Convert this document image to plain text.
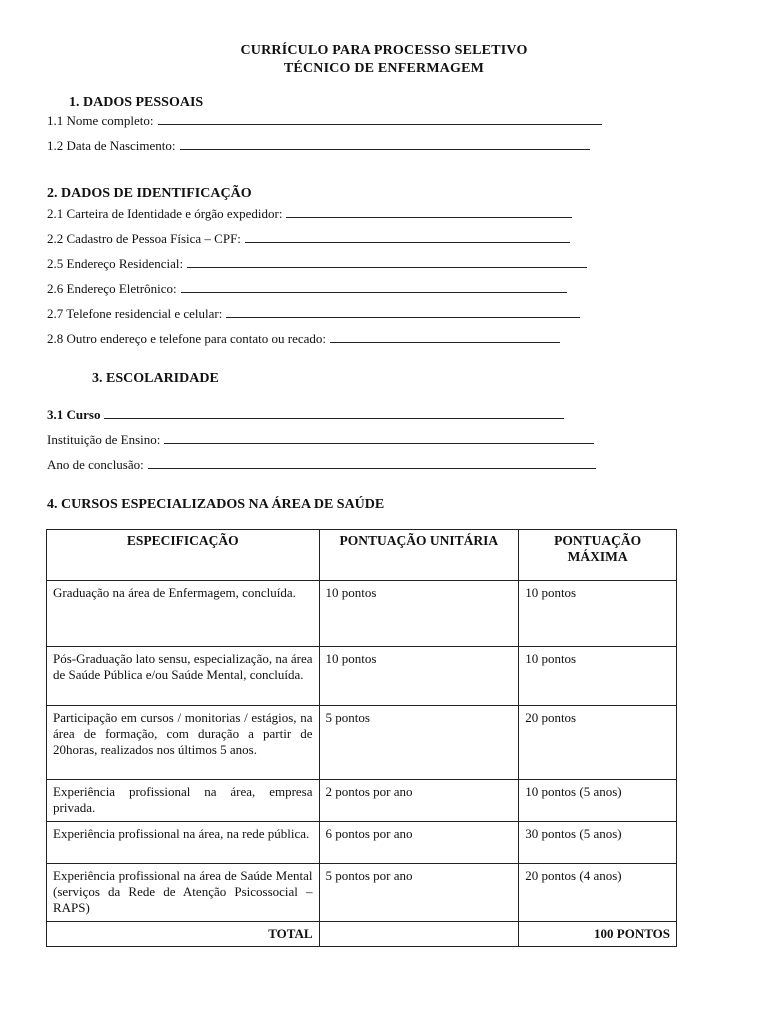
CURRÍCULO PARA PROCESSO SELETIVO
TÉCNICO DE ENFERMAGEM
1. DADOS PESSOAIS
1.1 Nome completo:
1.2 Data de Nascimento:
2. DADOS DE IDENTIFICAÇÃO
2.1 Carteira de Identidade e órgão expedidor:
2.2 Cadastro de Pessoa Física – CPF:
2.5 Endereço Residencial:
2.6 Endereço Eletrônico:
2.7 Telefone residencial e celular:
2.8 Outro endereço e telefone para contato ou recado:
3. ESCOLARIDADE
3.1 Curso
Instituição de Ensino:
Ano de conclusão:
4. CURSOS ESPECIALIZADOS NA ÁREA DE SAÚDE
ESPECIFICAÇÃO	PONTUAÇÃO UNITÁRIA	PONTUAÇÃO MÁXIMA
Graduação na área de Enfermagem, concluída.	10 pontos	10 pontos
Pós-Graduação lato sensu, especialização, na área de Saúde Pública e/ou Saúde Mental, concluída.	10 pontos	10 pontos
Participação em cursos / monitorias / estágios, na área de formação, com duração a partir de 20horas, realizados nos últimos 5 anos.	5 pontos	20 pontos
Experiência profissional na área, empresa privada.	2 pontos por ano	10 pontos (5 anos)
Experiência profissional na área, na rede pública.	6 pontos por ano	30 pontos (5 anos)
Experiência profissional na área de Saúde Mental (serviços da Rede de Atenção Psicossocial – RAPS)	5 pontos por ano	20 pontos (4 anos)
TOTAL		100 PONTOS
